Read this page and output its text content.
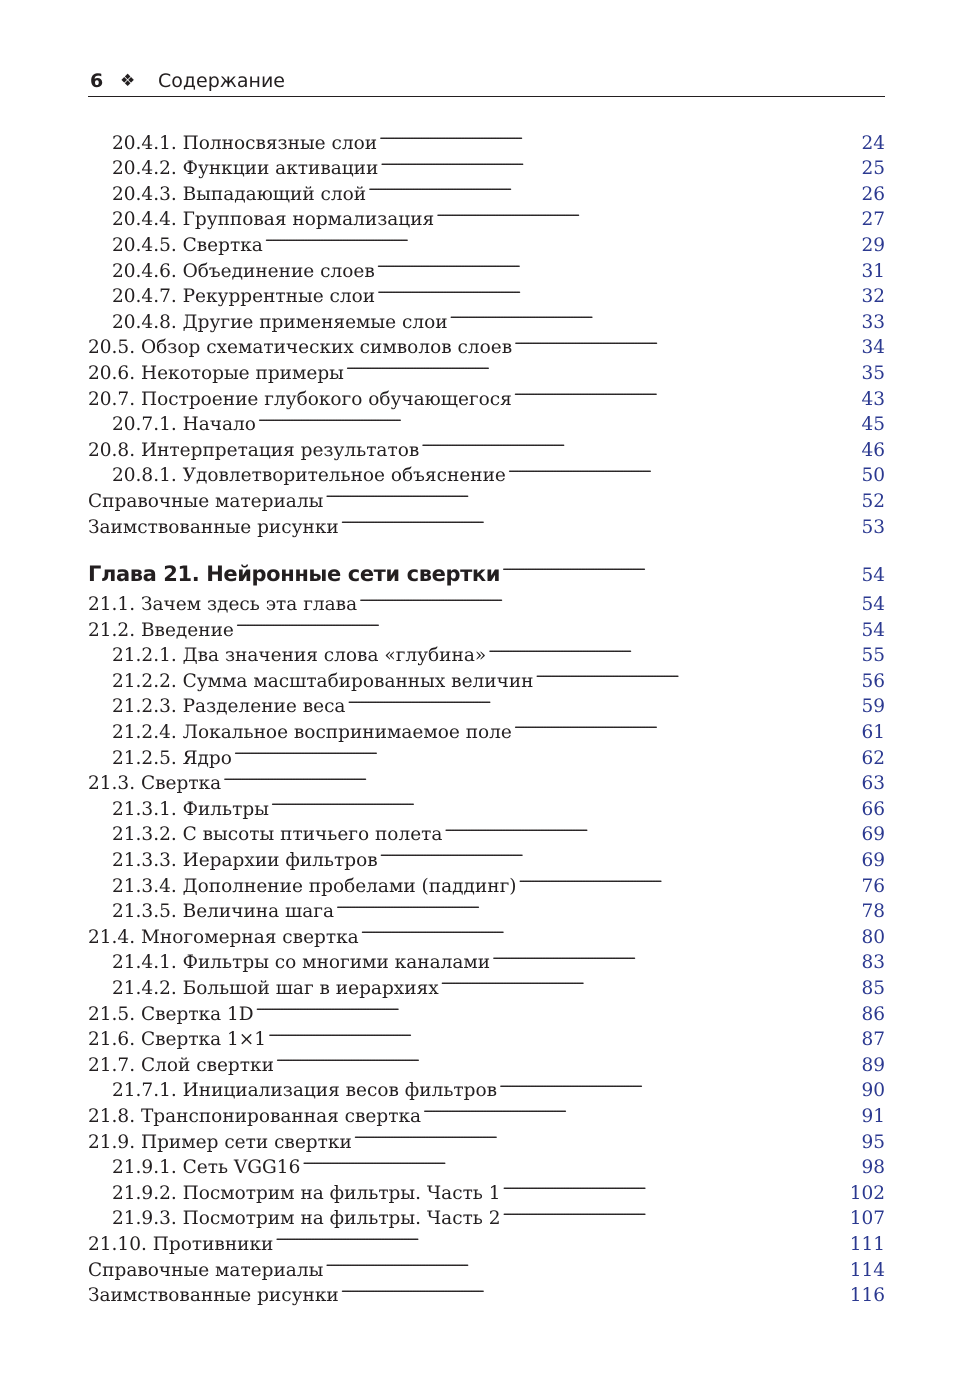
6 ❖	Содержание
20.4.1. Полносвязные слои . . .	24
20.4.2. Функции активации . . .	25
20.4.3. Выпадающий слой . . .	26
20.4.4. Групповая нормализация . . .	27
20.4.5. Свертка . . .	29
20.4.6. Объединение слоев . . .	31
20.4.7. Рекуррентные слои . . .	32
20.4.8. Другие применяемые слои . . .	33
20.5. Обзор схематических символов слоев . . .	34
20.6. Некоторые примеры . . .	35
20.7. Построение глубокого обучающегося . . .	43
20.7.1. Начало . . .	45
20.8. Интерпретация результатов . . .	46
20.8.1. Удовлетворительное объяснение . . .	50
Справочные материалы . . .	52
Заимствованные рисунки . . .	53
Глава 21. Нейронные сети свертки . . .	54
21.1. Зачем здесь эта глава . . .	54
21.2. Введение . . .	54
21.2.1. Два значения слова «глубина» . . .	55
21.2.2. Сумма масштабированных величин . . .	56
21.2.3. Разделение веса . . .	59
21.2.4. Локальное воспринимаемое поле . . .	61
21.2.5. Ядро . . .	62
21.3. Свертка . . .	63
21.3.1. Фильтры . . .	66
21.3.2. С высоты птичьего полета . . .	69
21.3.3. Иерархии фильтров . . .	69
21.3.4. Дополнение пробелами (паддинг) . . .	76
21.3.5. Величина шага . . .	78
21.4. Многомерная свертка . . .	80
21.4.1. Фильтры со многими каналами . . .	83
21.4.2. Большой шаг в иерархиях . . .	85
21.5. Свертка 1D . . .	86
21.6. Свертка 1×1 . . .	87
21.7. Слой свертки . . .	89
21.7.1. Инициализация весов фильтров . . .	90
21.8. Транспонированная свертка . . .	91
21.9. Пример сети свертки . . .	95
21.9.1. Сеть VGG16 . . .	98
21.9.2. Посмотрим на фильтры. Часть 1 . . .	102
21.9.3. Посмотрим на фильтры. Часть 2 . . .	107
21.10. Противники . . .	111
Справочные материалы . . .	114
Заимствованные рисунки . . .	116
